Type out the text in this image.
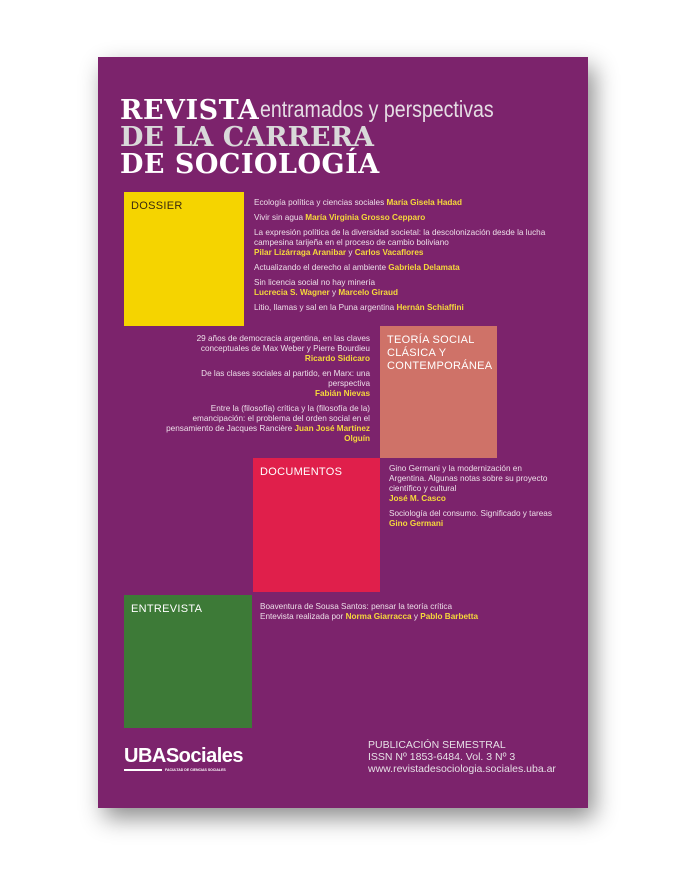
REVISTA entramados y perspectivas
DE LA CARRERA
DE SOCIOLOGÍA
DOSSIER	Ecología política y ciencias sociales María Gisela Hadad

Vivir sin agua María Virginia Grosso Cepparo

La expresión política de la diversidad societal: la descolonización desde la lucha campesina tarijeña en el proceso de cambio boliviano
Pilar Lizárraga Aranibar y Carlos Vacaflores

Actualizando el derecho al ambiente Gabriela Delamata

Sin licencia social no hay minería
Lucrecia S. Wagner y Marcelo Giraud

Litio, llamas y sal en la Puna argentina Hernán Schiaffini

TEORÍA SOCIAL CLÁSICA Y CONTEMPORÁNEA

29 años de democracia argentina, en las claves conceptuales de Max Weber y Pierre Bourdieu
Ricardo Sidicaro

De las clases sociales al partido, en Marx: una perspectiva
Fabián Nievas

Entre la (filosofía) crítica y la (filosofía de la) emancipación: el problema del orden social en el pensamiento de Jacques Rancière Juan José Martínez Olguín

DOCUMENTOS	Gino Germani y la modernización en Argentina. Algunas notas sobre su proyecto científico y cultural
José M. Casco

Sociología del consumo. Significado y tareas Gino Germani

ENTREVISTA	Boaventura de Sousa Santos: pensar la teoría crítica
Entevista realizada por Norma Giarracca y Pablo Barbetta

UBASociales
FACULTAD DE CIENCIAS SOCIALES
PUBLICACIÓN SEMESTRAL
ISSN Nº 1853-6484. Vol. 3 Nº 3
www.revistadesociologia.sociales.uba.ar
